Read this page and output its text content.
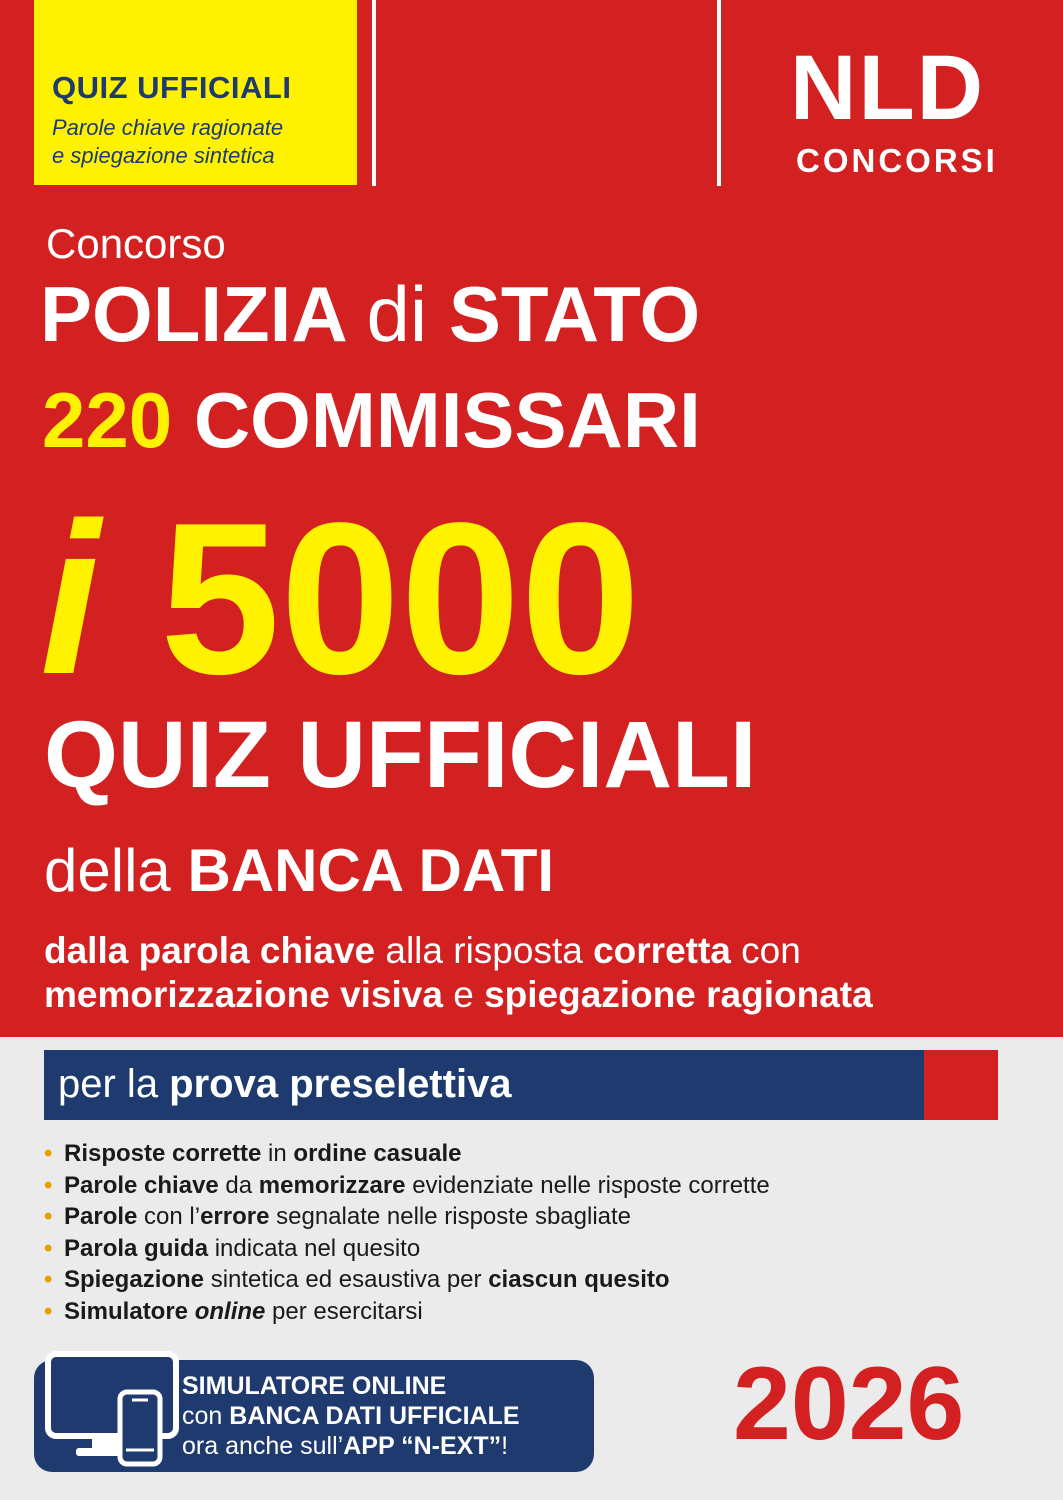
QUIZ UFFICIALI
Parole chiave ragionate
e spiegazione sintetica
NLD
CONCORSI
Concorso
POLIZIA di STATO
220 COMMISSARI
i 5000
QUIZ UFFICIALI
della BANCA DATI
dalla parola chiave alla risposta corretta con
memorizzazione visiva e spiegazione ragionata
per la prova preselettiva
• Risposte corrette in ordine casuale
• Parole chiave da memorizzare evidenziate nelle risposte corrette
• Parole con l’errore segnalate nelle risposte sbagliate
• Parola guida indicata nel quesito
• Spiegazione sintetica ed esaustiva per ciascun quesito
• Simulatore online per esercitarsi
SIMULATORE ONLINE
con BANCA DATI UFFICIALE
ora anche sull’APP “N-EXT”! 2026
